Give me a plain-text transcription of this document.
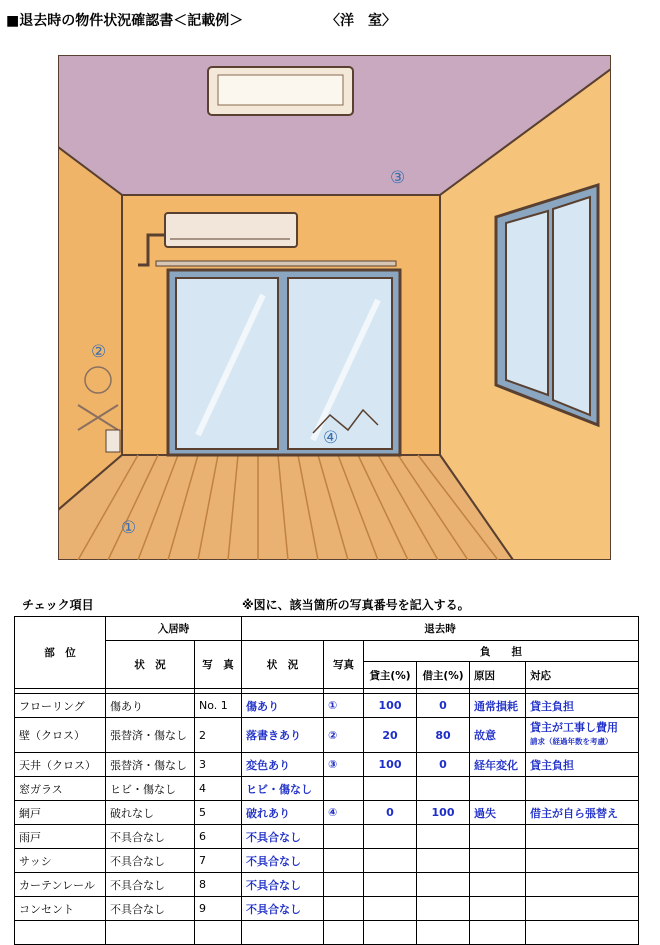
■退去時の物件状況確認書＜記載例＞	〈洋　室〉
③
②
④
①
チェック項目	※図に、該当箇所の写真番号を記入する。
部　位	入居時		退去時					
	状　況	写　真	状　況	写真	負　　担			
					貸主(%)	借主(%)	原因	対応

フローリング	傷あり	No. 1	傷あり	①	100	0	通常損耗	貸主負担
壁（クロス）	張替済・傷なし	2	落書きあり	②	20	80	故意	貸主が工事し費用
請求（経過年数を考慮）

天井（クロス）	張替済・傷なし	3	変色あり	③	100	0	経年変化	貸主負担
窓ガラス	ヒビ・傷なし	4	ヒビ・傷なし					
網戸	破れなし	5	破れあり	④	0	100	過失	借主が自ら張替え
雨戸	不具合なし	6	不具合なし					
サッシ	不具合なし	7	不具合なし					
カーテンレール	不具合なし	8	不具合なし					
コンセント	不具合なし	9	不具合なし					
